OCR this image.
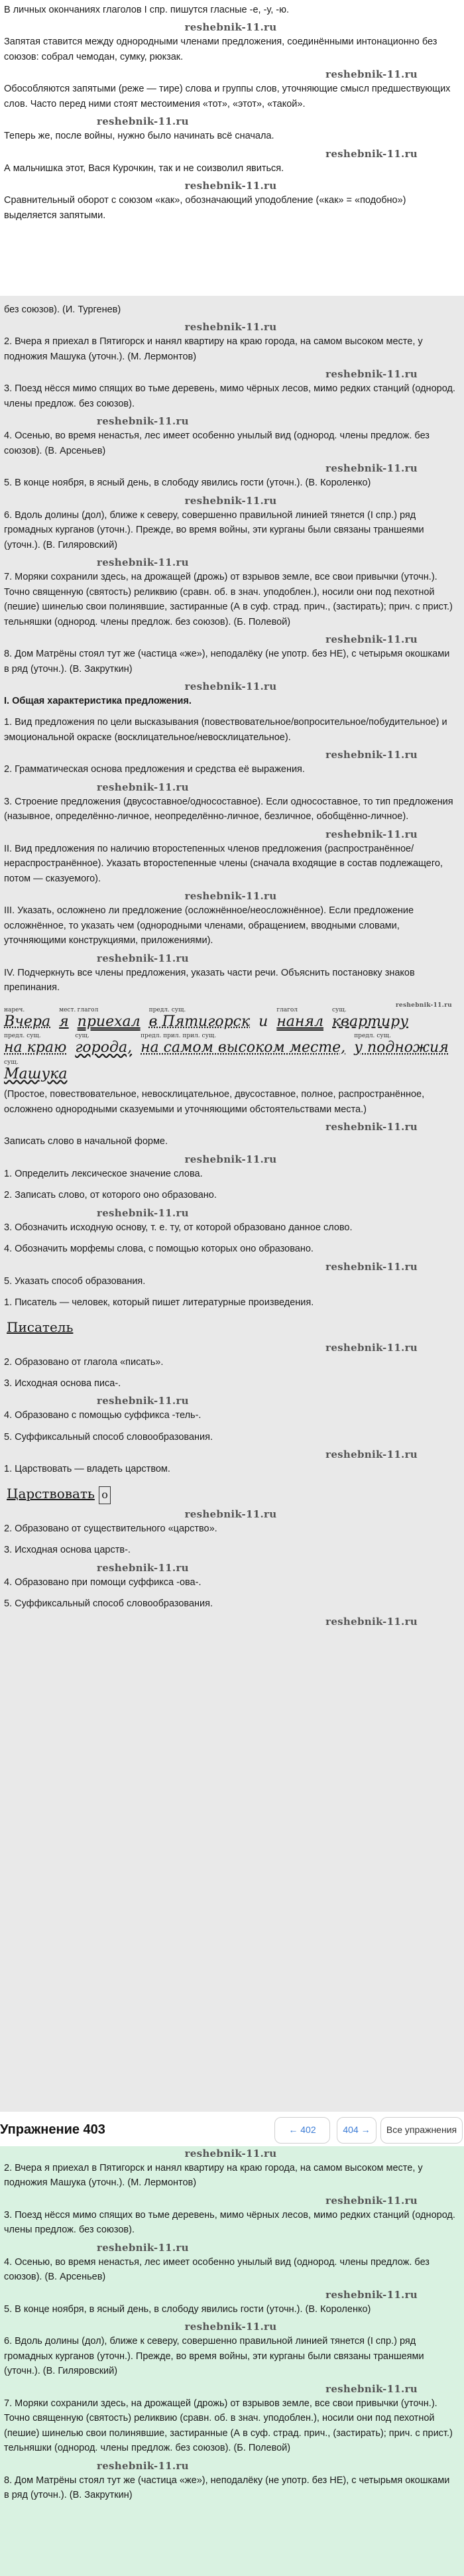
В личных окончаниях глаголов I спр. пишутся гласные -е, -у, -ю.

reshebnik-11.ru

Запятая ставится между однородными членами предложения, соединёнными интонационно без союзов: собрал чемодан, сумку, рюкзак.

reshebnik-11.ru

Обособляются запятыми (реже — тире) слова и группы слов, уточняющие смысл предшествующих слов. Часто перед ними стоят местоимения «тот», «этот», «такой».

reshebnik-11.ru

Теперь же, после войны, нужно было начинать всё сначала.

reshebnik-11.ru

А мальчишка этот, Вася Курочкин, так и не соизволил явиться.

reshebnik-11.ru

Сравнительный оборот с союзом «как», обозначающий уподобление («как» = «подобно») выделяется запятыми.

без союзов). (И. Тургенев)

reshebnik-11.ru

2. Вчера я приехал в Пятигорск и нанял квартиру на краю города, на самом высоком месте, у подножия Машука (уточн.). (М. Лермонтов)

reshebnik-11.ru

3. Поезд нёсся мимо спящих во тьме деревень, мимо чёрных лесов, мимо редких станций (однород. члены предлож. без союзов).

reshebnik-11.ru

4. Осенью, во время ненастья, лес имеет особенно унылый вид (однород. члены предлож. без союзов). (В. Арсеньев)

reshebnik-11.ru

5. В конце ноября, в ясный день, в слободу явились гости (уточн.). (В. Короленко)

reshebnik-11.ru

6. Вдоль долины (дол), ближе к северу, совершенно правильной линией тянется (I спр.) ряд громадных курганов (уточн.). Прежде, во время войны, эти курганы были связаны траншеями (уточн.). (В. Гиляровский)

reshebnik-11.ru

7. Моряки сохранили здесь, на дрожащей (дрожь) от взрывов земле, все свои привычки (уточн.). Точно священную (святость) реликвию (сравн. об. в знач. уподоблен.), носили они под пехотной (пешие) шинелью свои полинявшие, застиранные (А в суф. страд. прич., (застирать); прич. с прист.) тельняшки (однород. члены предлож. без союзов). (Б. Полевой)

reshebnik-11.ru

8. Дом Матрёны стоял тут же (частица «же»), неподалёку (не употр. без НЕ), с четырьмя окошками в ряд (уточн.). (В. Закруткин)

reshebnik-11.ru

I. Общая характеристика предложения.

1. Вид предложения по цели высказывания (повествовательное/вопросительное/побудительное) и эмоциональной окраске (восклицательное/невосклицательное).

reshebnik-11.ru

2. Грамматическая основа предложения и средства её выражения.

reshebnik-11.ru

3. Строение предложения (двусоставное/односоставное). Если односоставное, то тип предложения (назывное, определённо-личное, неопределённо-личное, безличное, обобщённо-личное).

reshebnik-11.ru

II. Вид предложения по наличию второстепенных членов предложения (распространённое/нераспространённое). Указать второстепенные члены (сначала входящие в состав подлежащего, потом — сказуемого).

reshebnik-11.ru

III. Указать, осложнено ли предложение (осложнённое/неосложнённое). Если предложение осложнённое, то указать чем (однородными членами, обращением, вводными словами, уточняющими конструкциями, приложениями).

reshebnik-11.ru

IV. Подчеркнуть все члены предложения, указать части речи. Объяснить постановку знаков препинания.

reshebnik-11.ru
нареч.
Вчера
мест.
я
глагол
приехал
предл. сущ.
в Пятигорск и
глагол
нанял
сущ.
квартиру
предл. сущ.
на краю
сущ.
города,
предл. прил. прил. сущ.
на самом высоком месте,
предл. сущ.
у подножия
сущ.
Машука

(Простое, повествовательное, невосклицательное, двусоставное, полное, распространённое, осложнено однородными сказуемыми и уточняющими обстоятельствами места.)

reshebnik-11.ru

Записать слово в начальной форме.

reshebnik-11.ru

1. Определить лексическое значение слова.

2. Записать слово, от которого оно образовано.

reshebnik-11.ru

3. Обозначить исходную основу, т. е. ту, от которой образовано данное слово.

4. Обозначить морфемы слова, с помощью которых оно образовано.

reshebnik-11.ru

5. Указать способ образования.

1. Писатель — человек, который пишет литературные произведения.

Писатель
reshebnik-11.ru

2. Образовано от глагола «писать».

3. Исходная основа писа-.

reshebnik-11.ru

4. Образовано с помощью суффикса -тель-.

5. Суффиксальный способ словообразования.

reshebnik-11.ru

1. Царствовать — владеть царством.

Царствовать о
reshebnik-11.ru

2. Образовано от существительного «царство».

3. Исходная основа царств-.

reshebnik-11.ru

4. Образовано при помощи суффикса -ова-.

5. Суффиксальный способ словообразования.

reshebnik-11.ru

Упражнение 403	← 402	404 →	Все упражнения
reshebnik-11.ru

2. Вчера я приехал в Пятигорск и нанял квартиру на краю города, на самом высоком месте, у подножия Машука (уточн.). (М. Лермонтов)

reshebnik-11.ru

3. Поезд нёсся мимо спящих во тьме деревень, мимо чёрных лесов, мимо редких станций (однород. члены предлож. без союзов).

reshebnik-11.ru

4. Осенью, во время ненастья, лес имеет особенно унылый вид (однород. члены предлож. без союзов). (В. Арсеньев)

reshebnik-11.ru

5. В конце ноября, в ясный день, в слободу явились гости (уточн.). (В. Короленко)

reshebnik-11.ru

6. Вдоль долины (дол), ближе к северу, совершенно правильной линией тянется (I спр.) ряд громадных курганов (уточн.). Прежде, во время войны, эти курганы были связаны траншеями (уточн.). (В. Гиляровский)

reshebnik-11.ru

7. Моряки сохранили здесь, на дрожащей (дрожь) от взрывов земле, все свои привычки (уточн.). Точно священную (святость) реликвию (сравн. об. в знач. уподоблен.), носили они под пехотной (пешие) шинелью свои полинявшие, застиранные (А в суф. страд. прич., (застирать); прич. с прист.) тельняшки (однород. члены предлож. без союзов). (Б. Полевой)

reshebnik-11.ru

8. Дом Матрёны стоял тут же (частица «же»), неподалёку (не употр. без НЕ), с четырьмя окошками в ряд (уточн.). (В. Закруткин)
